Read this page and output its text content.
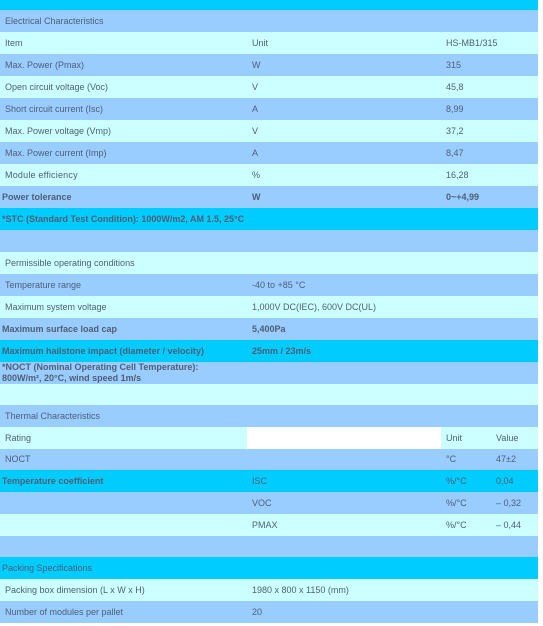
Electrical Characteristics			
Item	Unit	HS-MB1/315	
Max. Power (Pmax)	W	315	
Open circuit voltage (Voc)	V	45,8	
Short circuit current (Isc)	A	8,99	
Max. Power voltage (Vmp)	V	37,2	
Max. Power current (Imp)	A	8,47	
Module efficiency	%	16,28	
Power tolerance	W	0~+4,99	
*STC (Standard Test Condition): 1000W/m2, AM 1.5, 25°C			

Permissible operating conditions			
Temperature range	-40 to +85 °C		
Maximum system voltage	1,000V DC(IEC), 600V DC(UL)		
Maximum surface load cap	5,400Pa		
Maximum hailstone impact (diameter / velocity)	25mm / 23m/s		
*NOCT (Nominal Operating Cell Temperature): 800W/m², 20°C, wind speed 1m/s			

Thermal Characteristics			
Rating		Unit	Value
NOCT		°C	47±2
Temperature coefficient	ISC	%/°C	0,04
	VOC	%/°C	– 0,32
	PMAX	%/°C	– 0,44

Packing Specifications			
Packing box dimension (L x W x H)	1980 x 800 x 1150 (mm)		
Number of modules per pallet	20		
